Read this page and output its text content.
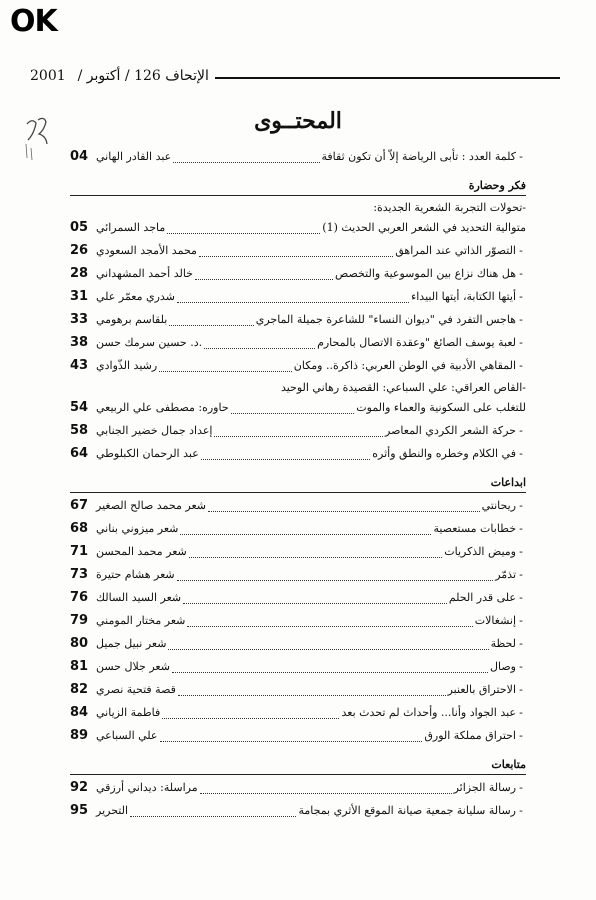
OK
2001 الإتحاف 126 / أكتوبر /
المحتــوى
-
كلمة العدد : تأبى الرياضة إلاّ أن تكون ثقافة
عبد القادر الهاني
04
فكر وحضارة
-
تحولات التجربة الشعرية الجديدة:
متوالية التحديد في الشعر العربي الحديث (1)
ماجد السمرائي
05
-
التصوّر الذاتي عند المراهق
محمد الأمجد السعودي
26
-
هل هناك نزاع بين الموسوعية والتخصص
خالد أحمد المشهداني
28
-
أيتها الكتابة، أيتها البيداء
شدري معمّر علي
31
-
هاجس التفرد في "ديوان النساء" للشاعرة جميلة الماجري
بلقاسم برهومي
33
-
لعبة يوسف الصائغ "وعقدة الاتصال بالمحارم
.د. حسين سرمك حسن
38
-
المقاهي الأدبية في الوطن العربي: ذاكرة.. ومكان
رشيد الذّوادي
43
-
القاص العراقي: علي السباعي: القصيدة رهاني الوحيد
للتغلب على السكونية والعماء والموت
حاوره: مصطفى علي الربيعي
54
-
حركة الشعر الكردي المعاصر
إعداد جمال خضير الجنابي
58
-
في الكلام وخطره والنطق وأثره
عبد الرحمان الكبلوطي
64
ابداعات
-
ريحانتي
شعر محمد صالح الصغير
67
-
خطابات مستعصية
شعر ميزوني بناني
68
-
وميض الذكريات
شعر محمد المحسن
71
-
تذمّر
شعر هشام حتيرة
73
-
على قدر الحلم
شعر السيد السالك
76
-
إنشغالات
شعر مختار المومني
79
-
لحظة
شعر نبيل جميل
80
-
وصال
شعر جلال حسن
81
-
الاحتراق بالعنبر
قصة فتحية نصري
82
-
عبد الجواد وأنا... وأحداث لم تحدث بعد
فاطمة الزياني
84
-
احتراق مملكة الورق
علي السباعي
89
متابعات
-
رسالة الجزائر
مراسلة: ديداني أرزقي
92
-
رسالة سليانة جمعية صيانة الموقع الأثري بمجامة
التحرير
95
